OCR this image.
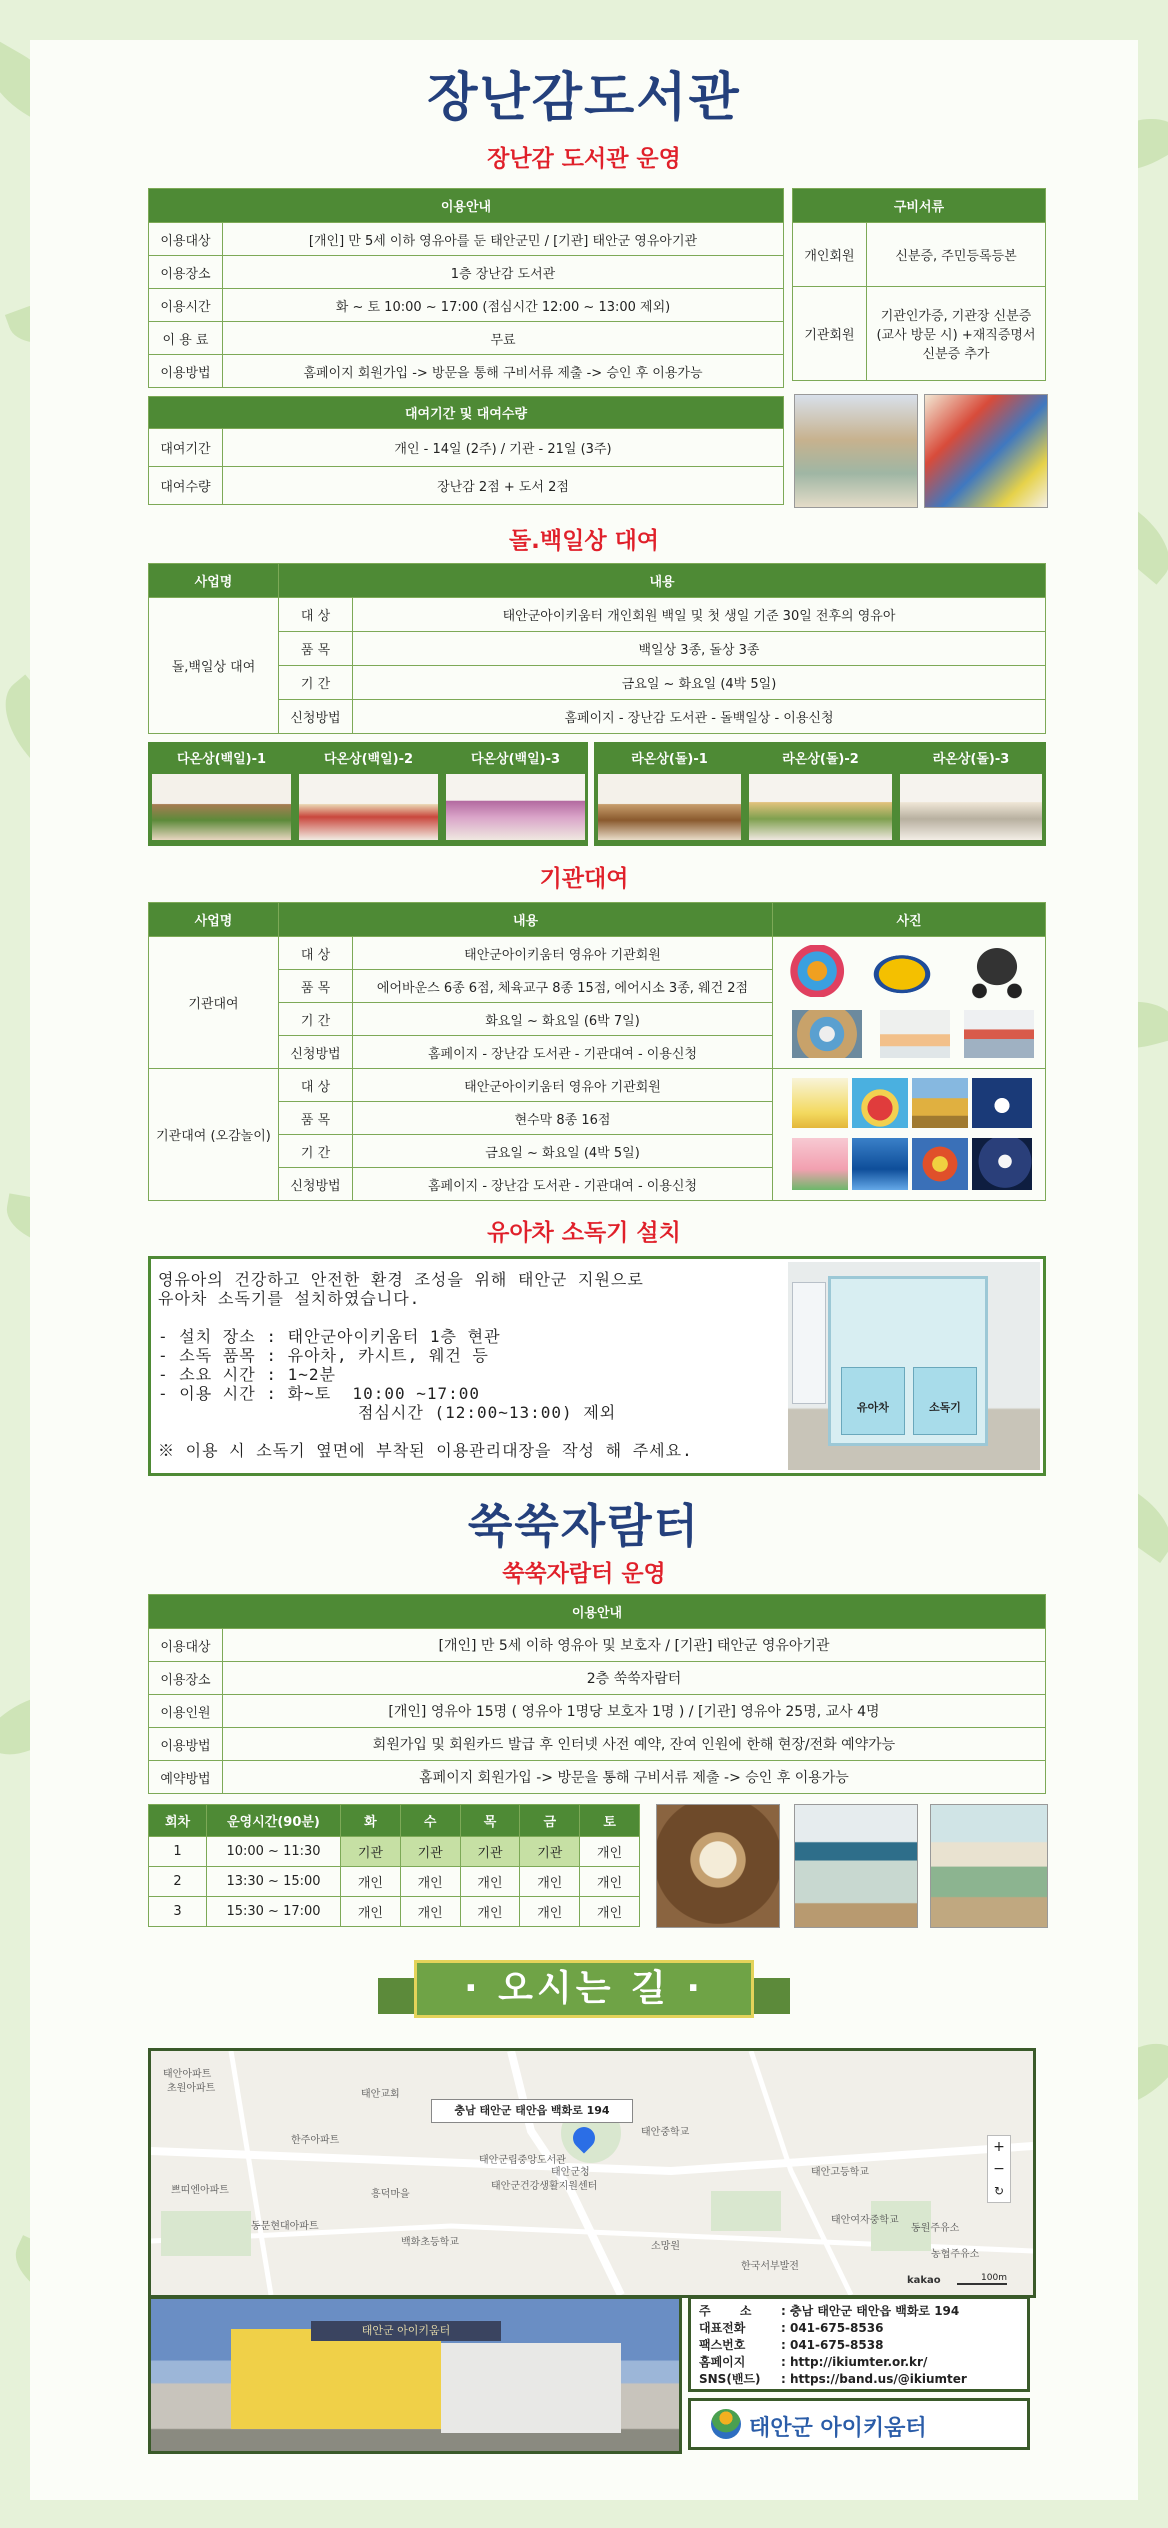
장난감도서관
장난감 도서관 운영
이용안내	
이용대상	[개인] 만 5세 이하 영유아를 둔 태안군민 / [기관] 태안군 영유아기관
이용장소	1층 장난감 도서관
이용시간	화 ~ 토 10:00 ~ 17:00 (점심시간 12:00 ~ 13:00 제외)
이 용 료	무료
이용방법	홈페이지 회원가입 -> 방문을 통해 구비서류 제출 -> 승인 후 이용가능
구비서류	
개인회원	신분증, 주민등록등본
기관회원	기관인가증, 기관장 신분증 (교사 방문 시) +재직증명서 신분증 추가
대여기간 및 대여수량	
대여기간	개인 - 14일 (2주) / 기관 - 21일 (3주)
대여수량	장난감 2점 + 도서 2점
돌.백일상 대여
사업명	내용	
돌,백일상 대여	대 상	태안군아이키움터 개인회원 백일 및 첫 생일 기준 30일 전후의 영유아
	품 목	백일상 3종, 돌상 3종
	기 간	금요일 ~ 화요일 (4박 5일)
	신청방법	홈페이지 - 장난감 도서관 - 돌백일상 - 이용신청
다온상(백일)-1	다온상(백일)-2	다온상(백일)-3	라온상(돌)-1	라온상(돌)-2	라온상(돌)-3
기관대여
사업명	내용		사진
기관대여	대 상	태안군아이키움터 영유아 기관회원	
	품 목	에어바운스 6종 6점, 체육교구 8종 15점, 에어시소 3종, 웨건 2점	
	기 간	화요일 ~ 화요일 (6박 7일)	
	신청방법	홈페이지 - 장난감 도서관 - 기관대여 - 이용신청	
기관대여 (오감놀이)	대 상	태안군아이키움터 영유아 기관회원	
	품 목	현수막 8종 16점	
	기 간	금요일 ~ 화요일 (4박 5일)	
	신청방법	홈페이지 - 장난감 도서관 - 기관대여 - 이용신청	
유아차 소독기 설치
영유아의 건강하고 안전한 환경 조성을 위해 태안군 지원으로
유아차 소독기를 설치하였습니다.
- 설치 장소 : 태안군아이키움터 1층 현관
- 소독 품목 : 유아차, 카시트, 웨건 등
- 소요 시간 : 1~2분
- 이용 시간 : 화~토  10:00 ~17:00
점심시간 (12:00~13:00) 제외
※ 이용 시 소독기 옆면에 부착된 이용관리대장을 작성 해 주세요.
유아차	소독기
쑥쑥자람터
쑥쑥자람터 운영
이용안내	
이용대상	[개인] 만 5세 이하 영유아 및 보호자 / [기관] 태안군 영유아기관
이용장소	2층 쑥쑥자람터
이용인원	[개인] 영유아 15명 ( 영유아 1명당 보호자 1명 ) / [기관] 영유아 25명, 교사 4명
이용방법	회원가입 및 회원카드 발급 후 인터넷 사전 예약, 잔여 인원에 한해 현장/전화 예약가능
예약방법	홈페이지 회원가입 -> 방문을 통해 구비서류 제출 -> 승인 후 이용가능
회차	운영시간(90분)	화	수	목	금	토
1	10:00 ~ 11:30	기관	기관	기관	기관	개인
2	13:30 ~ 15:00	개인	개인	개인	개인	개인
3	15:30 ~ 17:00	개인	개인	개인	개인	개인
· 오시는 길 ·
충남 태안군 태안읍 백화로 194
태안아파트
초원아파트
태안교회
한주아파트
태안군청
태안군립중앙도서관
태안군건강생활지원센터
태안중학교
태안고등학교
쁘띠엔아파트	흥덕마을
동문현대아파트
백화초등학교	소망원
한국서부발전
태안여자중학교
동원주유소
농협주유소
+
−
↻
kakao	100m
태안군 아이키움터
주       소	: 충남 태안군 태안읍 백화로 194
대표전화	: 041-675-8536
팩스번호	: 041-675-8538
홈페이지	: http://ikiumter.or.kr/
SNS(밴드)	: https://band.us/@ikiumter
태안군 아이키움터
